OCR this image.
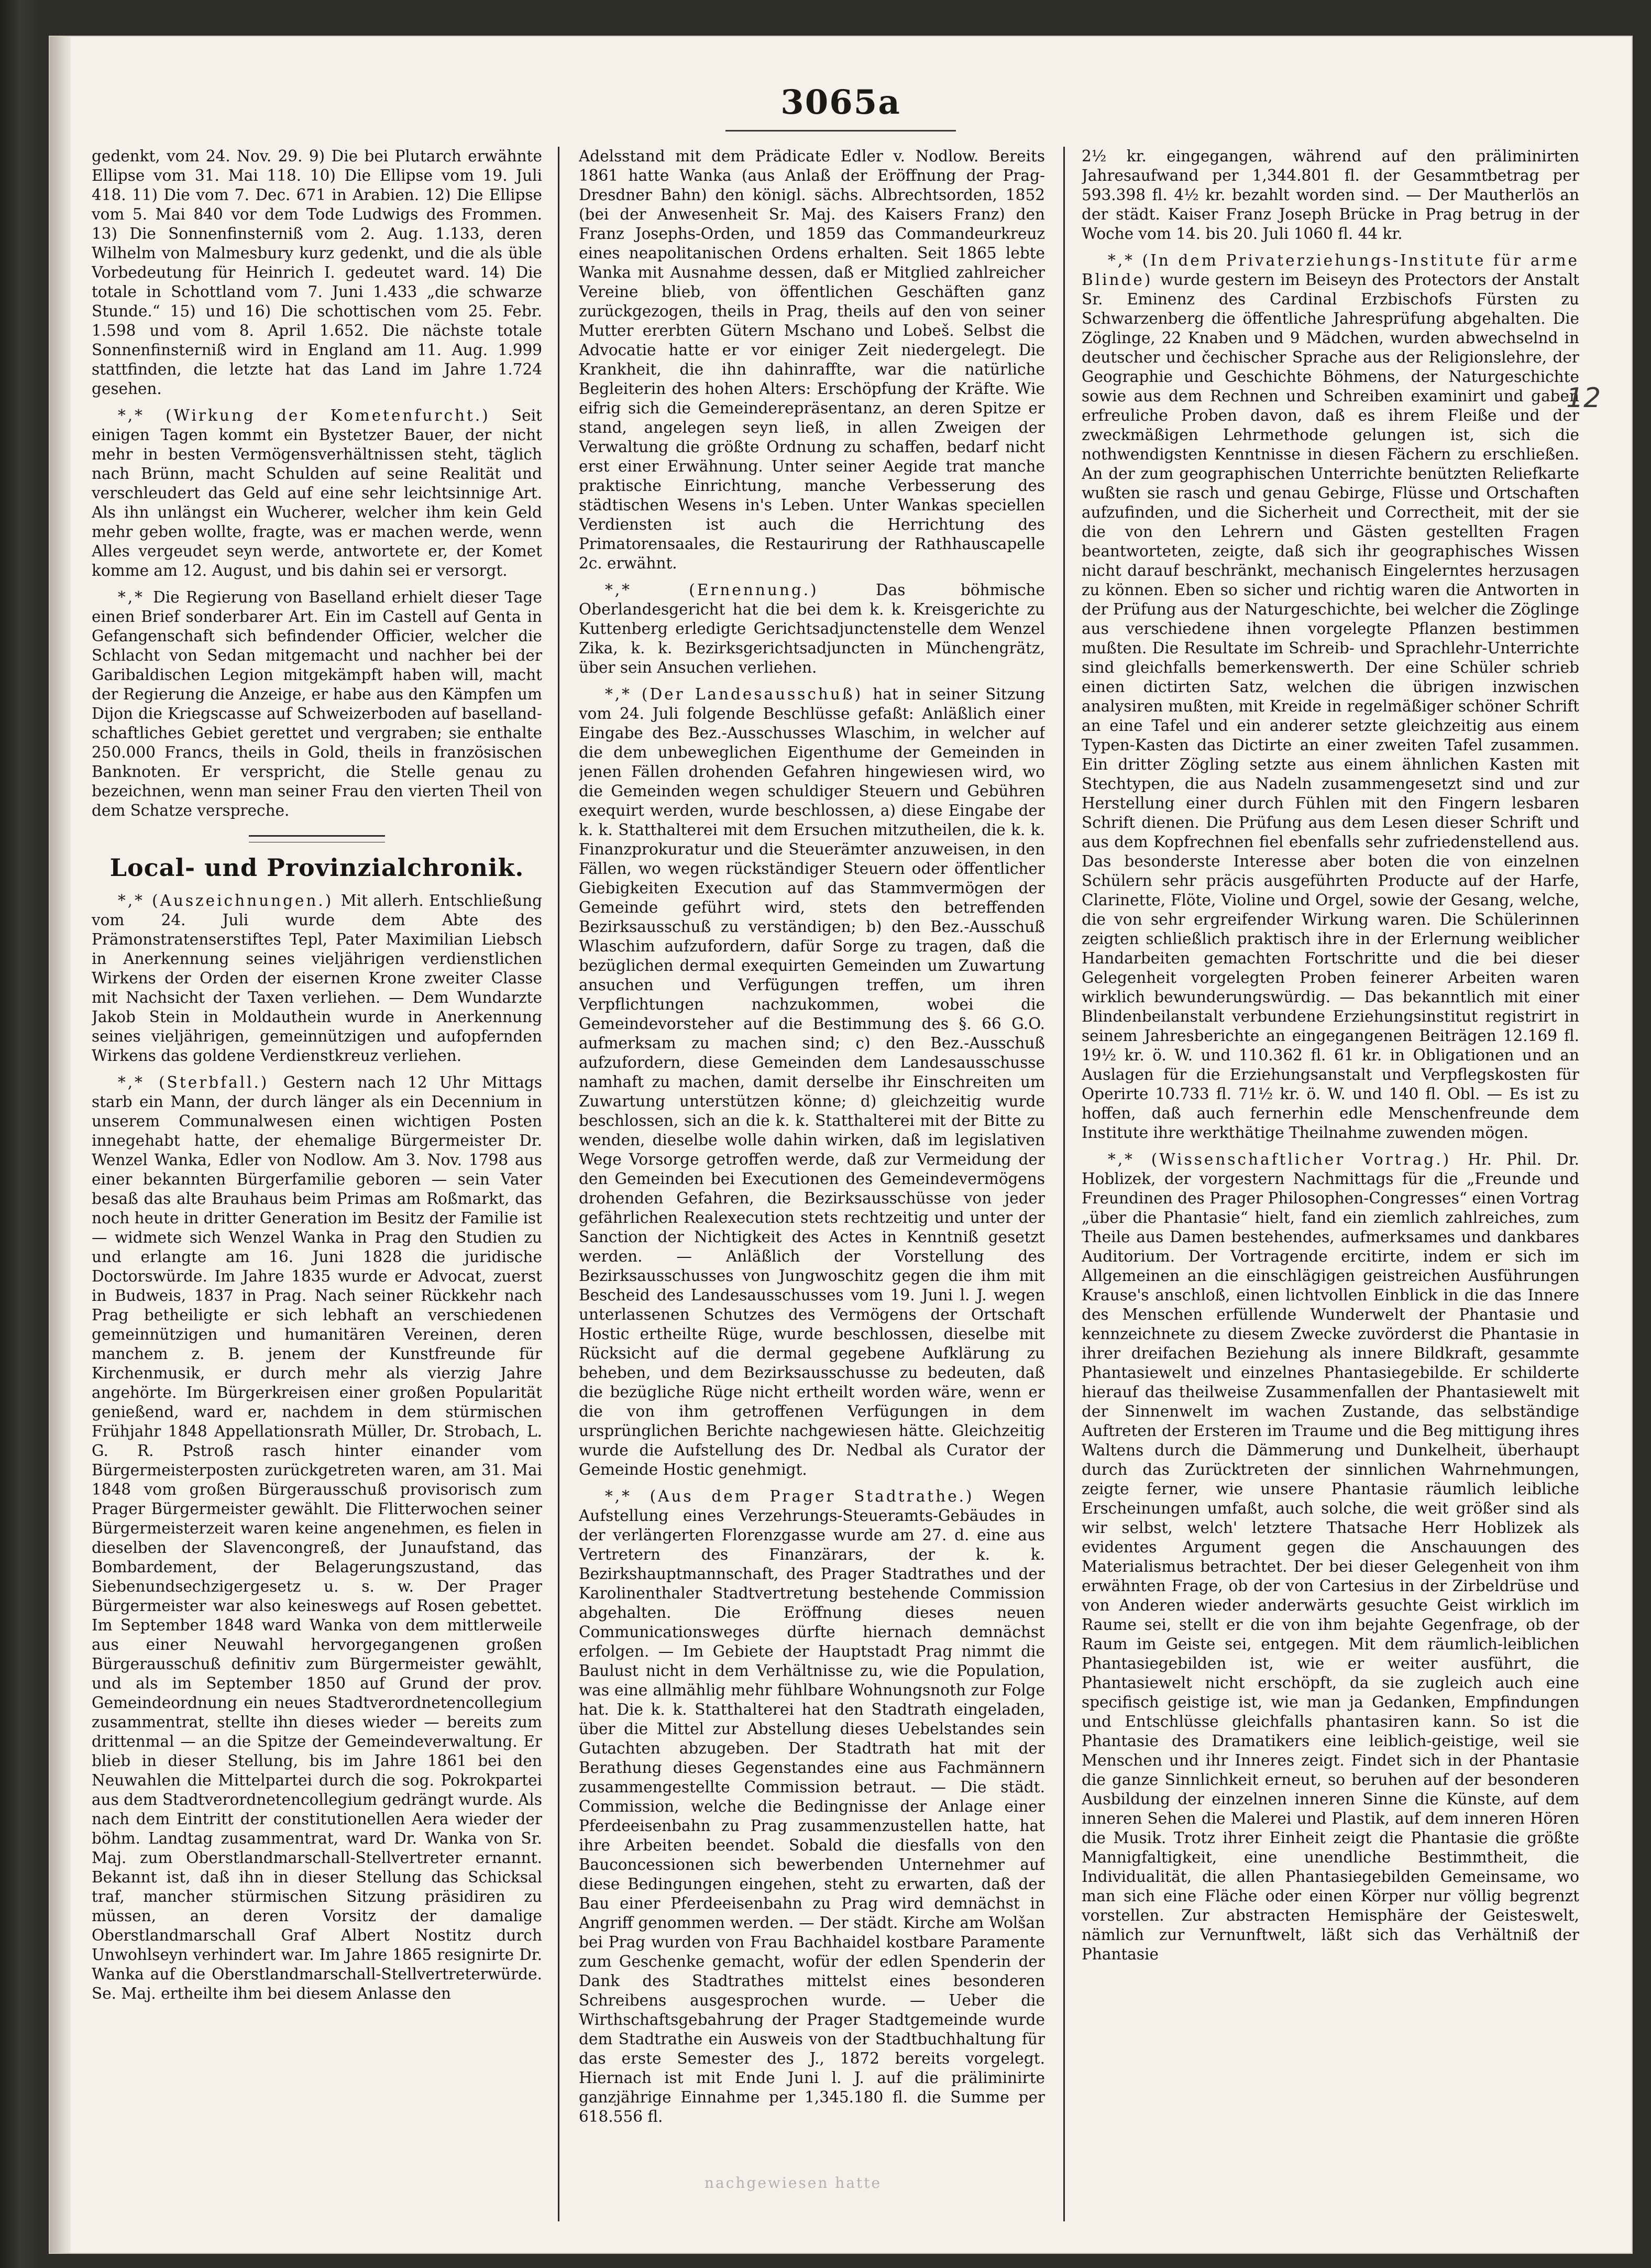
3065a

gedenkt, vom 24. Nov. 29. 9) Die bei Plutarch erwähnte Ellipse vom 31. Mai 118. 10) Die Ellipse vom 19. Juli 418. 11) Die vom 7. Dec. 671 in Arabien. 12) Die Ellipse vom 5. Mai 840 vor dem Tode Ludwigs des Frommen. 13) Die Sonnenfinsterniß vom 2. Aug. 1.133, deren Wilhelm von Malmesbury kurz gedenkt, und die als üble Vorbedeutung für Heinrich I. gedeutet ward. 14) Die totale in Schottland vom 7. Juni 1.433 „die schwarze Stunde.“ 15) und 16) Die schottischen vom 25. Febr. 1.598 und vom 8. April 1.652. Die nächste totale Sonnenfinsterniß wird in England am 11. Aug. 1.999 stattfinden, die letzte hat das Land im Jahre 1.724 gesehen.

*,* (Wirkung der Kometenfurcht.) Seit einigen Tagen kommt ein Bystetzer Bauer, der nicht mehr in besten Vermögensverhältnissen steht, täglich nach Brünn, macht Schulden auf seine Realität und verschleudert das Geld auf eine sehr leichtsinnige Art. Als ihn unlängst ein Wucherer, welcher ihm kein Geld mehr geben wollte, fragte, was er machen werde, wenn Alles vergeudet seyn werde, antwortete er, der Komet komme am 12. August, und bis dahin sei er versorgt.

*,* Die Regierung von Baselland erhielt dieser Tage einen Brief sonderbarer Art. Ein im Castell auf Genta in Gefangenschaft sich befindender Officier, welcher die Schlacht von Sedan mitgemacht und nachher bei der Garibaldischen Legion mitgekämpft haben will, macht der Regierung die Anzeige, er habe aus den Kämpfen um Dijon die Kriegscasse auf Schweizerboden auf baselland-schaftliches Gebiet gerettet und vergraben; sie enthalte 250.000 Francs, theils in Gold, theils in französischen Banknoten. Er verspricht, die Stelle genau zu bezeichnen, wenn man seiner Frau den vierten Theil von dem Schatze verspreche.

Local- und Provinzialchronik.

*,* (Auszeichnungen.) Mit allerh. Entschließung vom 24. Juli wurde dem Abte des Prämonstratenserstiftes Tepl, Pater Maximilian Liebsch in Anerkennung seines vieljährigen verdienstlichen Wirkens der Orden der eisernen Krone zweiter Classe mit Nachsicht der Taxen verliehen. — Dem Wundarzte Jakob Stein in Moldauthein wurde in Anerkennung seines vieljährigen, gemeinnützigen und aufopfernden Wirkens das goldene Verdienstkreuz verliehen.

*,* (Sterbfall.) Gestern nach 12 Uhr Mittags starb ein Mann, der durch länger als ein Decennium in unserem Communalwesen einen wichtigen Posten innegehabt hatte, der ehemalige Bürgermeister Dr. Wenzel Wanka, Edler von Nodlow. Am 3. Nov. 1798 aus einer bekannten Bürgerfamilie geboren — sein Vater besaß das alte Brauhaus beim Primas am Roßmarkt, das noch heute in dritter Generation im Besitz der Familie ist — widmete sich Wenzel Wanka in Prag den Studien zu und erlangte am 16. Juni 1828 die juridische Doctorswürde. Im Jahre 1835 wurde er Advocat, zuerst in Budweis, 1837 in Prag. Nach seiner Rückkehr nach Prag betheiligte er sich lebhaft an verschiedenen gemeinnützigen und humanitären Vereinen, deren manchem z. B. jenem der Kunstfreunde für Kirchenmusik, er durch mehr als vierzig Jahre angehörte. Im Bürgerkreisen einer großen Popularität genießend, ward er, nachdem in dem stürmischen Frühjahr 1848 Appellationsrath Müller, Dr. Strobach, L. G. R. Pstroß rasch hinter einander vom Bürgermeisterposten zurückgetreten waren, am 31. Mai 1848 vom großen Bürgerausschuß provisorisch zum Prager Bürgermeister gewählt. Die Flitterwochen seiner Bürgermeisterzeit waren keine angenehmen, es fielen in dieselben der Slavencongreß, der Junaufstand, das Bombardement, der Belagerungszustand, das Siebenundsechzigergesetz u. s. w. Der Prager Bürgermeister war also keineswegs auf Rosen gebettet. Im September 1848 ward Wanka von dem mittlerweile aus einer Neuwahl hervorgegangenen großen Bürgerausschuß definitiv zum Bürgermeister gewählt, und als im September 1850 auf Grund der prov. Gemeindeordnung ein neues Stadtverordnetencollegium zusammentrat, stellte ihn dieses wieder — bereits zum drittenmal — an die Spitze der Gemeindeverwaltung. Er blieb in dieser Stellung, bis im Jahre 1861 bei den Neuwahlen die Mittelpartei durch die sog. Pokrokpartei aus dem Stadtverordnetencollegium gedrängt wurde. Als nach dem Eintritt der constitutionellen Aera wieder der böhm. Landtag zusammentrat, ward Dr. Wanka von Sr. Maj. zum Oberstlandmarschall-Stellvertreter ernannt. Bekannt ist, daß ihn in dieser Stellung das Schicksal traf, mancher stürmischen Sitzung präsidiren zu müssen, an deren Vorsitz der damalige Oberstlandmarschall Graf Albert Nostitz durch Unwohlseyn verhindert war. Im Jahre 1865 resignirte Dr. Wanka auf die Oberstlandmarschall-Stellvertreterwürde. Se. Maj. ertheilte ihm bei diesem Anlasse den

Adelsstand mit dem Prädicate Edler v. Nodlow. Bereits 1861 hatte Wanka (aus Anlaß der Eröffnung der Prag-Dresdner Bahn) den königl. sächs. Albrechtsorden, 1852 (bei der Anwesenheit Sr. Maj. des Kaisers Franz) den Franz Josephs-Orden, und 1859 das Commandeurkreuz eines neapolitanischen Ordens erhalten. Seit 1865 lebte Wanka mit Ausnahme dessen, daß er Mitglied zahlreicher Vereine blieb, von öffentlichen Geschäften ganz zurückgezogen, theils in Prag, theils auf den von seiner Mutter ererbten Gütern Mschano und Lobeš. Selbst die Advocatie hatte er vor einiger Zeit niedergelegt. Die Krankheit, die ihn dahinraffte, war die natürliche Begleiterin des hohen Alters: Erschöpfung der Kräfte. Wie eifrig sich die Gemeinderepräsentanz, an deren Spitze er stand, angelegen seyn ließ, in allen Zweigen der Verwaltung die größte Ordnung zu schaffen, bedarf nicht erst einer Erwähnung. Unter seiner Aegide trat manche praktische Einrichtung, manche Verbesserung des städtischen Wesens in's Leben. Unter Wankas speciellen Verdiensten ist auch die Herrichtung des Primatorensaales, die Restaurirung der Rathhauscapelle 2c. erwähnt.

*,* (Ernennung.) Das böhmische Oberlandesgericht hat die bei dem k. k. Kreisgerichte zu Kuttenberg erledigte Gerichtsadjunctenstelle dem Wenzel Zika, k. k. Bezirksgerichtsadjuncten in Münchengrätz, über sein Ansuchen verliehen.

*,* (Der Landesausschuß) hat in seiner Sitzung vom 24. Juli folgende Beschlüsse gefaßt: Anläßlich einer Eingabe des Bez.-Ausschusses Wlaschim, in welcher auf die dem unbeweglichen Eigenthume der Gemeinden in jenen Fällen drohenden Gefahren hingewiesen wird, wo die Gemeinden wegen schuldiger Steuern und Gebühren exequirt werden, wurde beschlossen, a) diese Eingabe der k. k. Statthalterei mit dem Ersuchen mitzutheilen, die k. k. Finanzprokuratur und die Steuerämter anzuweisen, in den Fällen, wo wegen rückständiger Steuern oder öffentlicher Giebigkeiten Execution auf das Stammvermögen der Gemeinde geführt wird, stets den betreffenden Bezirksausschuß zu verständigen; b) den Bez.-Ausschuß Wlaschim aufzufordern, dafür Sorge zu tragen, daß die bezüglichen dermal exequirten Gemeinden um Zuwartung ansuchen und Verfügungen treffen, um ihren Verpflichtungen nachzukommen, wobei die Gemeindevorsteher auf die Bestimmung des §. 66 G.O. aufmerksam zu machen sind; c) den Bez.-Ausschuß aufzufordern, diese Gemeinden dem Landesausschusse namhaft zu machen, damit derselbe ihr Einschreiten um Zuwartung unterstützen könne; d) gleichzeitig wurde beschlossen, sich an die k. k. Statthalterei mit der Bitte zu wenden, dieselbe wolle dahin wirken, daß im legislativen Wege Vorsorge getroffen werde, daß zur Vermeidung der den Gemeinden bei Executionen des Gemeindevermögens drohenden Gefahren, die Bezirksausschüsse von jeder gefährlichen Realexecution stets rechtzeitig und unter der Sanction der Nichtigkeit des Actes in Kenntniß gesetzt werden. — Anläßlich der Vorstellung des Bezirksausschusses von Jungwoschitz gegen die ihm mit Bescheid des Landesausschusses vom 19. Juni l. J. wegen unterlassenen Schutzes des Vermögens der Ortschaft Hostic ertheilte Rüge, wurde beschlossen, dieselbe mit Rücksicht auf die dermal gegebene Aufklärung zu beheben, und dem Bezirksausschusse zu bedeuten, daß die bezügliche Rüge nicht ertheilt worden wäre, wenn er die von ihm getroffenen Verfügungen in dem ursprünglichen Berichte nachgewiesen hätte. Gleichzeitig wurde die Aufstellung des Dr. Nedbal als Curator der Gemeinde Hostic genehmigt.

*,* (Aus dem Prager Stadtrathe.) Wegen Aufstellung eines Verzehrungs-Steueramts-Gebäudes in der verlängerten Florenzgasse wurde am 27. d. eine aus Vertretern des Finanzärars, der k. k. Bezirkshauptmannschaft, des Prager Stadtrathes und der Karolinenthaler Stadtvertretung bestehende Commission abgehalten. Die Eröffnung dieses neuen Communicationsweges dürfte hiernach demnächst erfolgen. — Im Gebiete der Hauptstadt Prag nimmt die Baulust nicht in dem Verhältnisse zu, wie die Population, was eine allmählig mehr fühlbare Wohnungsnoth zur Folge hat. Die k. k. Statthalterei hat den Stadtrath eingeladen, über die Mittel zur Abstellung dieses Uebelstandes sein Gutachten abzugeben. Der Stadtrath hat mit der Berathung dieses Gegenstandes eine aus Fachmännern zusammengestellte Commission betraut. — Die städt. Commission, welche die Bedingnisse der Anlage einer Pferdeeisenbahn zu Prag zusammenzustellen hatte, hat ihre Arbeiten beendet. Sobald die diesfalls von den Bauconcessionen sich bewerbenden Unternehmer auf diese Bedingungen eingehen, steht zu erwarten, daß der Bau einer Pferdeeisenbahn zu Prag wird demnächst in Angriff genommen werden. — Der städt. Kirche am Wolšan bei Prag wurden von Frau Bachhaidel kostbare Paramente zum Geschenke gemacht, wofür der edlen Spenderin der Dank des Stadtrathes mittelst eines besonderen Schreibens ausgesprochen wurde. — Ueber die Wirthschaftsgebahrung der Prager Stadtgemeinde wurde dem Stadtrathe ein Ausweis von der Stadtbuchhaltung für das erste Semester des J., 1872 bereits vorgelegt. Hiernach ist mit Ende Juni l. J. auf die präliminirte ganzjährige Einnahme per 1,345.180 fl. die Summe per 618.556 fl.

2½ kr. eingegangen, während auf den präliminirten Jahresaufwand per 1,344.801 fl. der Gesammtbetrag per 593.398 fl. 4½ kr. bezahlt worden sind. — Der Mautherlös an der städt. Kaiser Franz Joseph Brücke in Prag betrug in der Woche vom 14. bis 20. Juli 1060 fl. 44 kr.

*,* (In dem Privaterziehungs-Institute für arme Blinde) wurde gestern im Beiseyn des Protectors der Anstalt Sr. Eminenz des Cardinal Erzbischofs Fürsten zu Schwarzenberg die öffentliche Jahresprüfung abgehalten. Die Zöglinge, 22 Knaben und 9 Mädchen, wurden abwechselnd in deutscher und čechischer Sprache aus der Religionslehre, der Geographie und Geschichte Böhmens, der Naturgeschichte sowie aus dem Rechnen und Schreiben examinirt und gaben erfreuliche Proben davon, daß es ihrem Fleiße und der zweckmäßigen Lehrmethode gelungen ist, sich die nothwendigsten Kenntnisse in diesen Fächern zu erschließen. An der zum geographischen Unterrichte benützten Reliefkarte wußten sie rasch und genau Gebirge, Flüsse und Ortschaften aufzufinden, und die Sicherheit und Correctheit, mit der sie die von den Lehrern und Gästen gestellten Fragen beantworteten, zeigte, daß sich ihr geographisches Wissen nicht darauf beschränkt, mechanisch Eingelerntes herzusagen zu können. Eben so sicher und richtig waren die Antworten in der Prüfung aus der Naturgeschichte, bei welcher die Zöglinge aus verschiedene ihnen vorgelegte Pflanzen bestimmen mußten. Die Resultate im Schreib- und Sprachlehr-Unterrichte sind gleichfalls bemerkenswerth. Der eine Schüler schrieb einen dictirten Satz, welchen die übrigen inzwischen analysiren mußten, mit Kreide in regelmäßiger schöner Schrift an eine Tafel und ein anderer setzte gleichzeitig aus einem Typen-Kasten das Dictirte an einer zweiten Tafel zusammen. Ein dritter Zögling setzte aus einem ähnlichen Kasten mit Stechtypen, die aus Nadeln zusammengesetzt sind und zur Herstellung einer durch Fühlen mit den Fingern lesbaren Schrift dienen. Die Prüfung aus dem Lesen dieser Schrift und aus dem Kopfrechnen fiel ebenfalls sehr zufriedenstellend aus. Das besonderste Interesse aber boten die von einzelnen Schülern sehr präcis ausgeführten Producte auf der Harfe, Clarinette, Flöte, Violine und Orgel, sowie der Gesang, welche, die von sehr ergreifender Wirkung waren. Die Schülerinnen zeigten schließlich praktisch ihre in der Erlernung weiblicher Handarbeiten gemachten Fortschritte und die bei dieser Gelegenheit vorgelegten Proben feinerer Arbeiten waren wirklich bewunderungswürdig. — Das bekanntlich mit einer Blindenbeilanstalt verbundene Erziehungsinstitut registrirt in seinem Jahresberichte an eingegangenen Beiträgen 12.169 fl. 19½ kr. ö. W. und 110.362 fl. 61 kr. in Obligationen und an Auslagen für die Erziehungsanstalt und Verpflegskosten für Operirte 10.733 fl. 71½ kr. ö. W. und 140 fl. Obl. — Es ist zu hoffen, daß auch fernerhin edle Menschenfreunde dem Institute ihre werkthätige Theilnahme zuwenden mögen.

*,* (Wissenschaftlicher Vortrag.) Hr. Phil. Dr. Hoblizek, der vorgestern Nachmittags für die „Freunde und Freundinen des Prager Philosophen-Congresses“ einen Vortrag „über die Phantasie“ hielt, fand ein ziemlich zahlreiches, zum Theile aus Damen bestehendes, aufmerksames und dankbares Auditorium. Der Vortragende ercitirte, indem er sich im Allgemeinen an die einschlägigen geistreichen Ausführungen Krause's anschloß, einen lichtvollen Einblick in die das Innere des Menschen erfüllende Wunderwelt der Phantasie und kennzeichnete zu diesem Zwecke zuvörderst die Phantasie in ihrer dreifachen Beziehung als innere Bildkraft, gesammte Phantasiewelt und einzelnes Phantasiegebilde. Er schilderte hierauf das theilweise Zusammenfallen der Phantasiewelt mit der Sinnenwelt im wachen Zustande, das selbständige Auftreten der Ersteren im Traume und die Beg mittigung ihres Waltens durch die Dämmerung und Dunkelheit, überhaupt durch das Zurücktreten der sinnlichen Wahrnehmungen, zeigte ferner, wie unsere Phantasie räumlich leibliche Erscheinungen umfaßt, auch solche, die weit größer sind als wir selbst, welch' letztere Thatsache Herr Hoblizek als evidentes Argument gegen die Anschauungen des Materialismus betrachtet. Der bei dieser Gelegenheit von ihm erwähnten Frage, ob der von Cartesius in der Zirbeldrüse und von Anderen wieder anderwärts gesuchte Geist wirklich im Raume sei, stellt er die von ihm bejahte Gegenfrage, ob der Raum im Geiste sei, entgegen. Mit dem räumlich-leiblichen Phantasiegebilden ist, wie er weiter ausführt, die Phantasiewelt nicht erschöpft, da sie zugleich auch eine specifisch geistige ist, wie man ja Gedanken, Empfindungen und Entschlüsse gleichfalls phantasiren kann. So ist die Phantasie des Dramatikers eine leiblich-geistige, weil sie Menschen und ihr Inneres zeigt. Findet sich in der Phantasie die ganze Sinnlichkeit erneut, so beruhen auf der besonderen Ausbildung der einzelnen inneren Sinne die Künste, auf dem inneren Sehen die Malerei und Plastik, auf dem inneren Hören die Musik. Trotz ihrer Einheit zeigt die Phantasie die größte Mannigfaltigkeit, eine unendliche Bestimmtheit, die Individualität, die allen Phantasiegebilden Gemeinsame, wo man sich eine Fläche oder einen Körper nur völlig begrenzt vorstellen. Zur abstracten Hemisphäre der Geisteswelt, nämlich zur Vernunftwelt, läßt sich das Verhältniß der Phantasie

12
nachgewiesen hatte
